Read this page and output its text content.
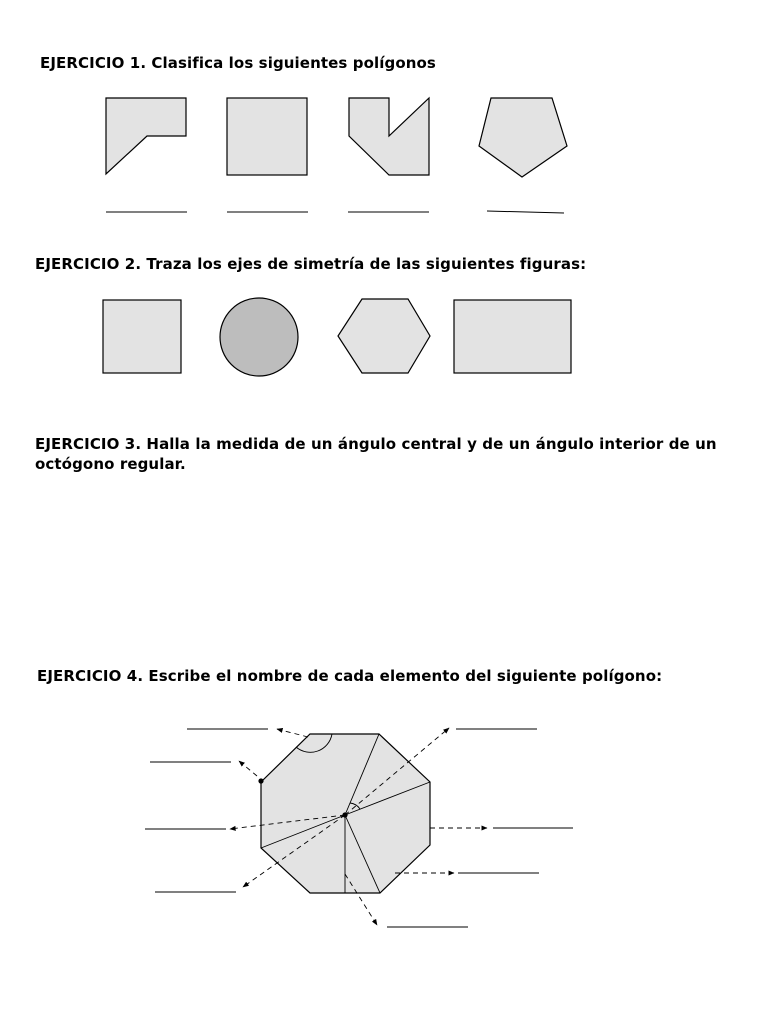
EJERCICIO 1. Clasifica los siguientes polígonos

EJERCICIO 2. Traza los ejes de simetría de las siguientes figuras:

EJERCICIO 3. Halla la medida de un ángulo central y de un ángulo interior de un octógono regular.

EJERCICIO 4. Escribe el nombre de cada elemento del siguiente polígono:
